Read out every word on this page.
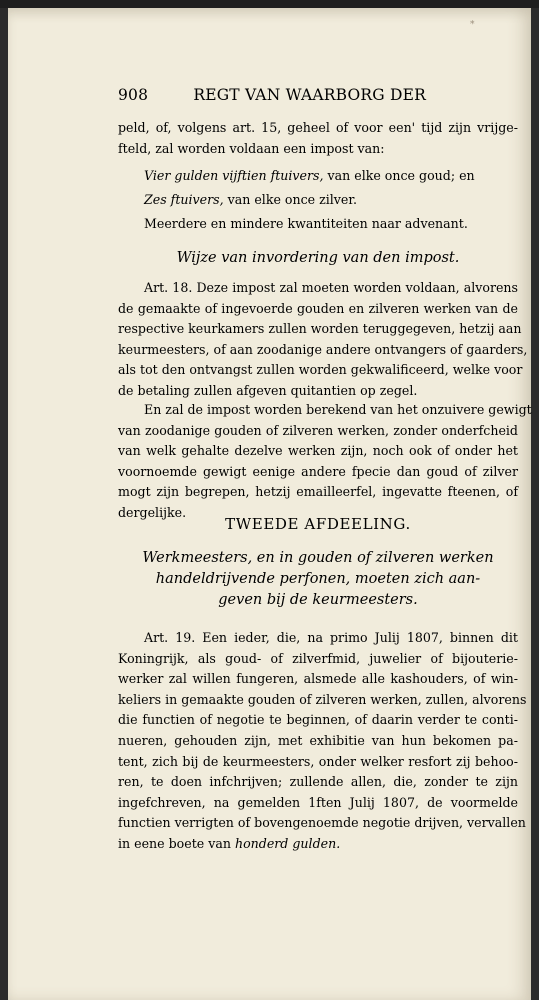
*
908	REGT VAN WAARBORG DER
peld, of, volgens art. 15, geheel of voor een' tijd zijn vrijge-
fteld, zal worden voldaan een impost van:
Vier gulden vijftien ftuivers, van elke once goud; en
Zes ftuivers, van elke once zilver.
Meerdere en mindere kwantiteiten naar advenant.
Wijze van invordering van den impost.
Art. 18. Deze impost zal moeten worden voldaan, alvorens
de gemaakte of ingevoerde gouden en zilveren werken van de
respective keurkamers zullen worden teruggegeven, hetzij aan
keurmeesters, of aan zoodanige andere ontvangers of gaarders,
als tot den ontvangst zullen worden gekwalificeerd, welke voor
de betaling zullen afgeven quitantien op zegel.
En zal de impost worden berekend van het onzuivere gewigt
van zoodanige gouden of zilveren werken, zonder onderfcheid
van welk gehalte dezelve werken zijn, noch ook of onder het
voornoemde gewigt eenige andere fpecie dan goud of zilver
mogt zijn begrepen, hetzij emailleerfel, ingevatte fteenen, of
dergelijke.
TWEEDE AFDEELING.
Werkmeesters, en in gouden of zilveren werken
handeldrijvende perfonen, moeten zich aan-
geven bij de keurmeesters.
Art. 19. Een ieder, die, na primo Julij 1807, binnen dit
Koningrijk, als goud- of zilverfmid, juwelier of bijouterie-
werker zal willen fungeren, alsmede alle kashouders, of win-
keliers in gemaakte gouden of zilveren werken, zullen, alvorens
die functien of negotie te beginnen, of daarin verder te conti-
nueren, gehouden zijn, met exhibitie van hun bekomen pa-
tent, zich bij de keurmeesters, onder welker resfort zij behoo-
ren, te doen infchrijven; zullende allen, die, zonder te zijn
ingefchreven, na gemelden 1ften Julij 1807, de voormelde
functien verrigten of bovengenoemde negotie drijven, vervallen
in eene boete van honderd gulden.
